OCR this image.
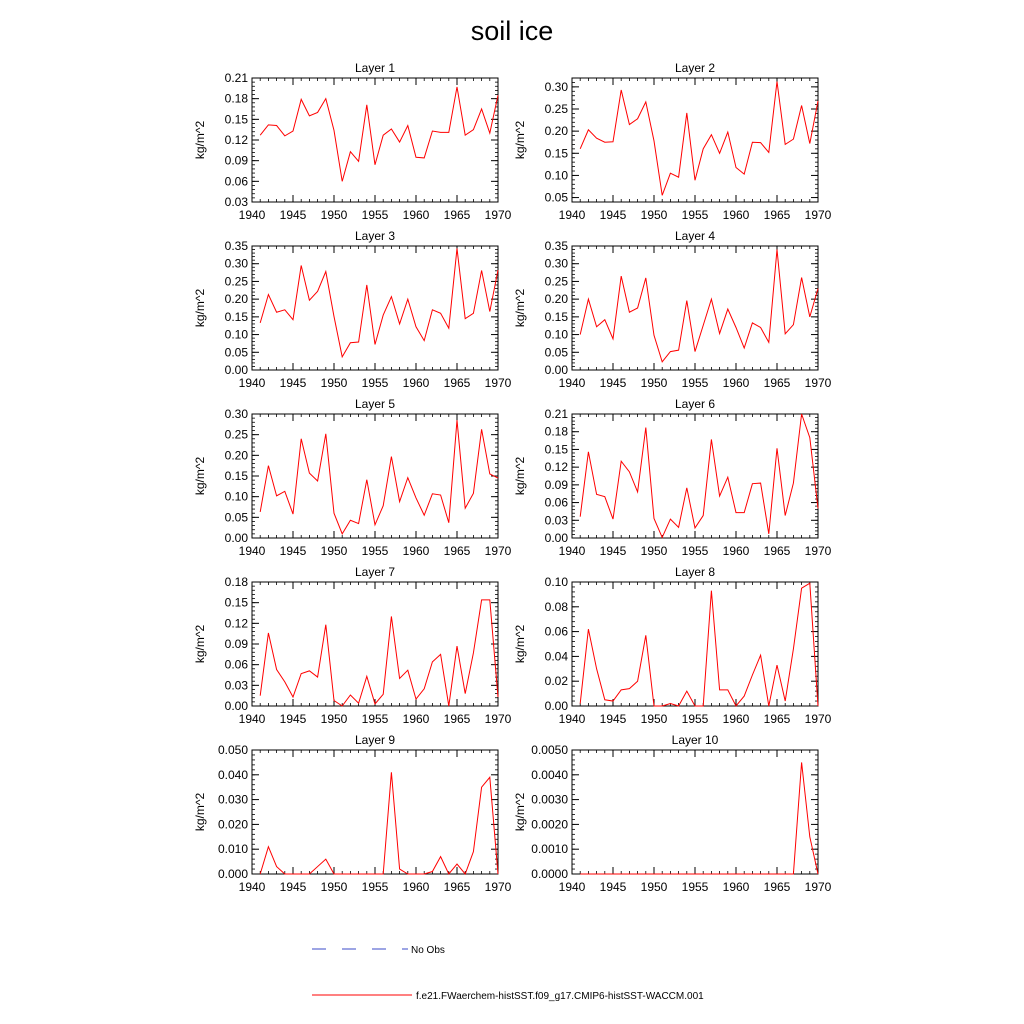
soil ice
Layer 1
1940 1945 1950 1955 1960 1965 1970
0.03
0.06
0.09
0.12
0.15
0.18
0.21
kg/m^2
Layer 2
1940 1945 1950 1955 1960 1965 1970
0.05
0.10
0.15
0.20
0.25
0.30
kg/m^2
Layer 3
1940 1945 1950 1955 1960 1965 1970
0.00
0.05
0.10
0.15
0.20
0.25
0.30
0.35
kg/m^2
Layer 4
1940 1945 1950 1955 1960 1965 1970
0.00
0.05
0.10
0.15
0.20
0.25
0.30
0.35
kg/m^2
Layer 5
1940 1945 1950 1955 1960 1965 1970
0.00
0.05
0.10
0.15
0.20
0.25
0.30
kg/m^2
Layer 6
1940 1945 1950 1955 1960 1965 1970
0.00
0.03
0.06
0.09
0.12
0.15
0.18
0.21
kg/m^2
Layer 7
1940 1945 1950 1955 1960 1965 1970
0.00
0.03
0.06
0.09
0.12
0.15
0.18
kg/m^2
Layer 8
1940 1945 1950 1955 1960 1965 1970
0.00
0.02
0.04
0.06
0.08
0.10
kg/m^2
Layer 9
1940 1945 1950 1955 1960 1965 1970
0.000
0.010
0.020
0.030
0.040
0.050
kg/m^2
Layer 10
1940 1945 1950 1955 1960 1965 1970
0.0000
0.0010
0.0020
0.0030
0.0040
0.0050
kg/m^2
No Obs
f.e21.FWaerchem-histSST.f09_g17.CMIP6-histSST-WACCM.001
